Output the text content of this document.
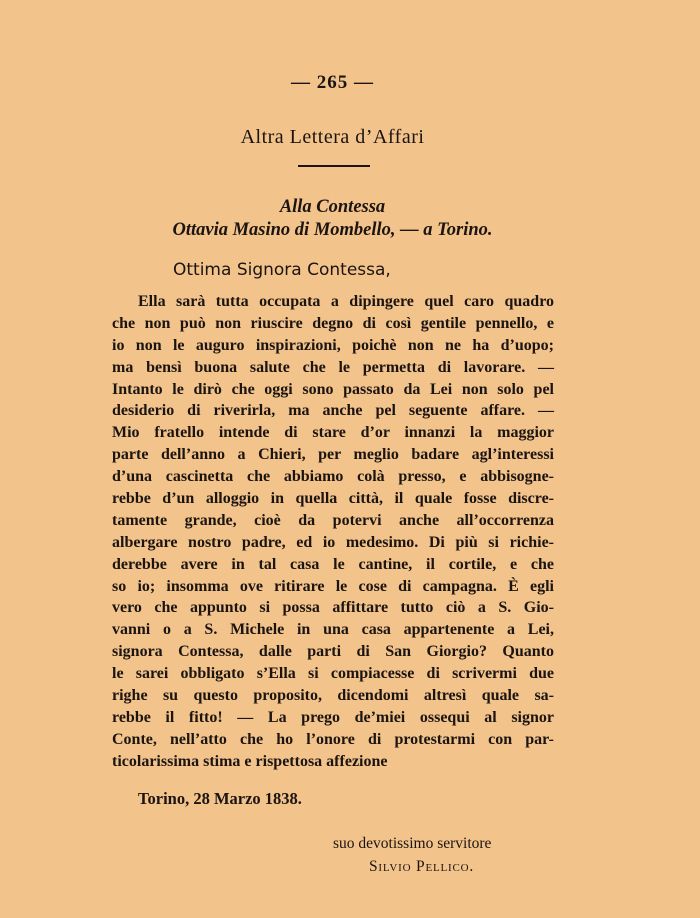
— 265 —
Altra Lettera d’Affari
Alla Contessa
Ottavia Masino di Mombello, — a Torino.
Ottima Signora Contessa,
Ella sarà tutta occupata a dipingere quel caro quadro
che non può non riuscire degno di così gentile pennello, e
io non le auguro inspirazioni, poichè non ne ha d’uopo;
ma bensì buona salute che le permetta di lavorare. —
Intanto le dirò che oggi sono passato da Lei non solo pel
desiderio di riverirla, ma anche pel seguente affare. —
Mio fratello intende di stare d’or innanzi la maggior
parte dell’anno a Chieri, per meglio badare agl’interessi
d’una cascinetta che abbiamo colà presso, e abbisogne-
rebbe d’un alloggio in quella città, il quale fosse discre-
tamente grande, cioè da potervi anche all’occorrenza
albergare nostro padre, ed io medesimo. Di più si richie-
derebbe avere in tal casa le cantine, il cortile, e che
so io; insomma ove ritirare le cose di campagna. È egli
vero che appunto si possa affittare tutto ciò a S. Gio-
vanni o a S. Michele in una casa appartenente a Lei,
signora Contessa, dalle parti di San Giorgio? Quanto
le sarei obbligato s’Ella si compiacesse di scrivermi due
righe su questo proposito, dicendomi altresì quale sa-
rebbe il fitto! — La prego de’miei ossequi al signor
Conte, nell’atto che ho l’onore di protestarmi con par-
ticolarissima stima e rispettosa affezione
Torino, 28 Marzo 1838.
suo devotissimo servitore
Silvio Pellico.
